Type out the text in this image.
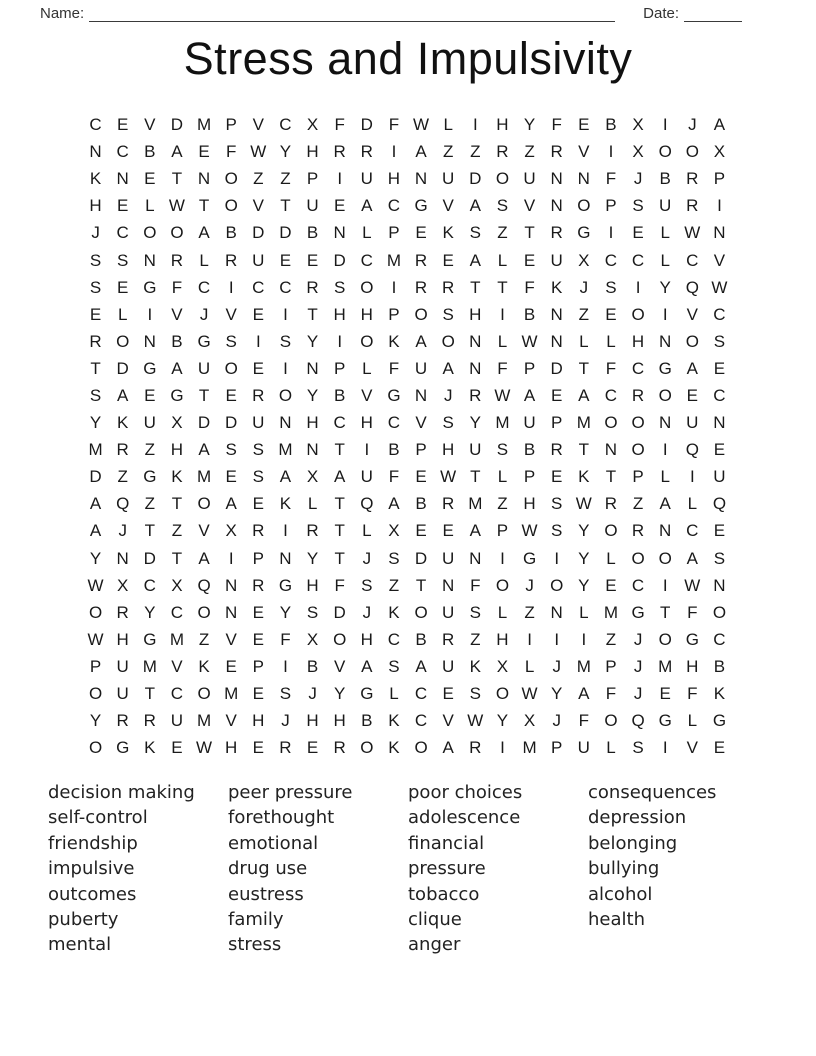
Name:	Date:
Stress and Impulsivity
C E V D M P V C X F D F W L	I	H Y F E B X	I	J	A
N C B A E F W Y H R R	I	A Z Z R Z R V	I	X O O X
K N E T N O Z Z P	I	U H N U D O U N N F	J	B R P
H E L W T O V T U E A C G V A S V N O P S U R	I
J C O O A B D D B N L P E K S Z T R G	I	E L W N
S S N R L R U E E D C M R E A L E U X C C L C V
S E G F C	I	C C R S O	I	R R T T F K	J	S	I	Y Q W
E L	I	V	J	V E	I	T H H P O S H	I	B N Z E O	I	V C
R O N B G S	I	S Y	I	O K A O N L W N L	L H N O S
T D G A U O E	I	N P L	F U A N F P D T F C G A E
S A E G T E R O Y B V G N J R W A E A C R O E C
Y K U X D D U N H C H C V S Y M U P M O O N U N
M R Z H A S S M N T	I	B P H U S B R T N O	I	Q E
D Z G K M E S A X A U F E W T	L P E K T P L	I	U
A Q Z T O A E K L	T Q A B R M Z H S W R Z A L Q
A	J	T Z V X R	I	R T	L X E E A P W S Y O R N C E
Y N D T A	I	P N Y T	J	S D U N	I	G	I	Y L O O A S
W X C X Q N R G H F S Z T N F O J O Y E C	I W N
O R Y C O N E Y S D J	K O U S L	Z N L M G T F O
W H G M Z V E F X O H C B R Z H	I	I	I	Z	J O G C
P U M V K E P	I	B V A S A U K X L	J M P	J M H B
O U T C O M E S	J	Y G L C E S O W Y A F	J	E F K
Y R R U M V H J H H B K C V W Y X	J	F O Q G L G
O G K E W H E R E R O K O A R	I	M P U L S	I	V E
decision making
self-control
friendship
impulsive
outcomes
puberty
mental
peer pressure
forethought
emotional
drug use
eustress
family
stress
poor choices
adolescence
financial
pressure
tobacco
clique
anger
consequences
depression
belonging
bullying
alcohol
health
